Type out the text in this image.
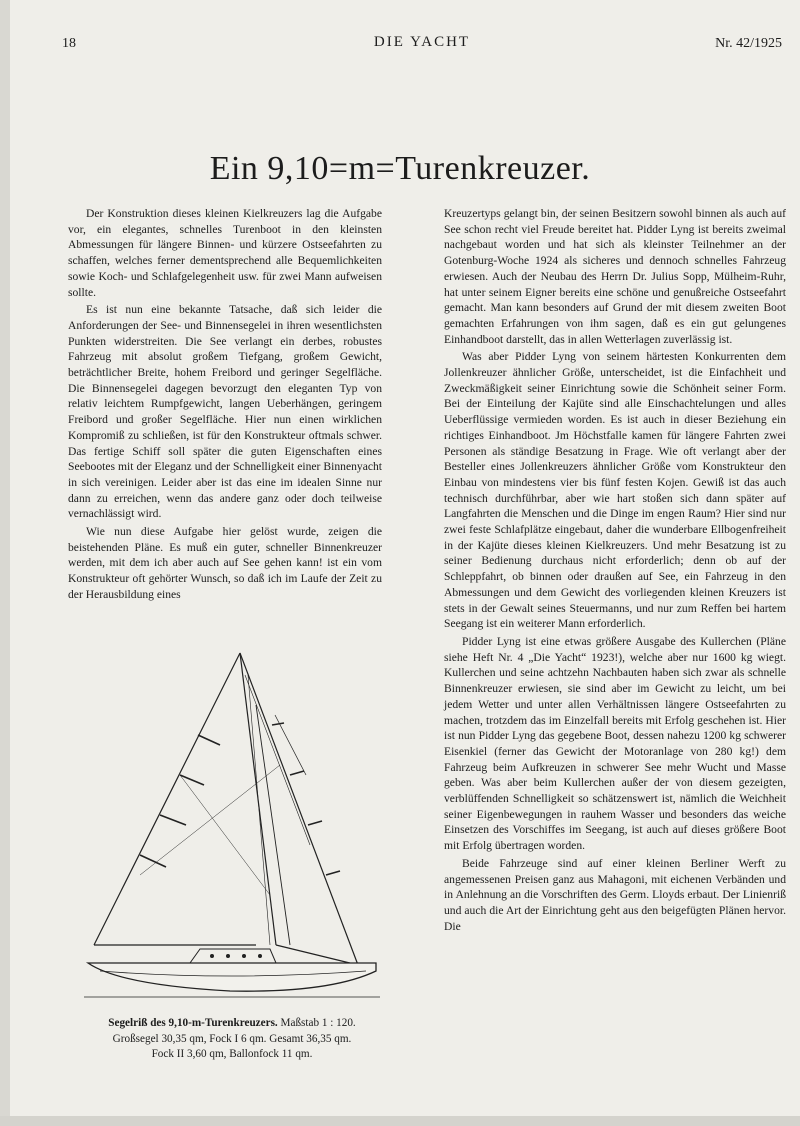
18	DIE YACHT	Nr. 42/1925
Ein 9,10=m=Turenkreuzer.

Der Konstruktion dieses kleinen Kielkreuzers lag die Aufgabe vor, ein elegantes, schnelles Turenboot in den kleinsten Abmessungen für längere Binnen- und kürzere Ostseefahrten zu schaffen, welches ferner dementsprechend alle Bequemlichkeiten sowie Koch- und Schlafgelegenheit usw. für zwei Mann aufweisen sollte.

Es ist nun eine bekannte Tatsache, daß sich leider die Anforderungen der See- und Binnensegelei in ihren wesentlichsten Punkten widerstreiten. Die See verlangt ein derbes, robustes Fahrzeug mit absolut großem Tiefgang, großem Gewicht, beträchtlicher Breite, hohem Freibord und geringer Segelfläche. Die Binnensegelei dagegen bevorzugt den eleganten Typ von relativ leichtem Rumpfgewicht, langen Ueberhängen, geringem Freibord und großer Segelfläche. Hier nun einen wirklichen Kompromiß zu schließen, ist für den Konstrukteur oftmals schwer. Das fertige Schiff soll später die guten Eigenschaften eines Seebootes mit der Eleganz und der Schnelligkeit einer Binnenyacht in sich vereinigen. Leider aber ist das eine im idealen Sinne nur dann zu erreichen, wenn das andere ganz oder doch teilweise vernachlässigt wird.

Wie nun diese Aufgabe hier gelöst wurde, zeigen die beistehenden Pläne. Es muß ein guter, schneller Binnenkreuzer werden, mit dem ich aber auch auf See gehen kann! ist ein vom Konstrukteur oft gehörter Wunsch, so daß ich im Laufe der Zeit zu der Herausbildung eines

Kreuzertyps gelangt bin, der seinen Besitzern sowohl binnen als auch auf See schon recht viel Freude bereitet hat. Pidder Lyng ist bereits zweimal nachgebaut worden und hat sich als kleinster Teilnehmer an der Gotenburg-Woche 1924 als sicheres und dennoch schnelles Fahrzeug erwiesen. Auch der Neubau des Herrn Dr. Julius Sopp, Mülheim-Ruhr, hat unter seinem Eigner bereits eine schöne und genußreiche Ostseefahrt gemacht. Man kann besonders auf Grund der mit diesem zweiten Boot gemachten Erfahrungen von ihm sagen, daß es ein gut gelungenes Einhandboot darstellt, das in allen Wetterlagen zuverlässig ist.

Was aber Pidder Lyng von seinem härtesten Konkurrenten dem Jollenkreuzer ähnlicher Größe, unterscheidet, ist die Einfachheit und Zweckmäßigkeit seiner Einrichtung sowie die Schönheit seiner Form. Bei der Einteilung der Kajüte sind alle Einschachtelungen und alles Ueberflüssige vermieden worden. Es ist auch in dieser Beziehung ein richtiges Einhandboot. Jm Höchstfalle kamen für längere Fahrten zwei Personen als ständige Besatzung in Frage. Wie oft verlangt aber der Besteller eines Jollenkreuzers ähnlicher Größe vom Konstrukteur den Einbau von mindestens vier bis fünf festen Kojen. Gewiß ist das auch technisch durchführbar, aber wie hart stoßen sich dann später auf Langfahrten die Menschen und die Dinge im engen Raum? Hier sind nur zwei feste Schlafplätze eingebaut, daher die wunderbare Ellbogenfreiheit in der Kajüte dieses kleinen Kielkreuzers. Und mehr Besatzung ist zu seiner Bedienung durchaus nicht erforderlich; denn ob auf der Schleppfahrt, ob binnen oder draußen auf See, ein Fahrzeug in den Abmessungen und dem Gewicht des vorliegenden kleinen Kreuzers ist stets in der Gewalt seines Steuermanns, und nur zum Reffen bei hartem Seegang ist ein weiterer Mann erforderlich.

Pidder Lyng ist eine etwas größere Ausgabe des Kullerchen (Pläne siehe Heft Nr. 4 „Die Yacht“ 1923!), welche aber nur 1600 kg wiegt. Kullerchen und seine achtzehn Nachbauten haben sich zwar als schnelle Binnenkreuzer erwiesen, sie sind aber im Gewicht zu leicht, um bei jedem Wetter und unter allen Verhältnissen längere Ostseefahrten zu machen, trotzdem das im Einzelfall bereits mit Erfolg geschehen ist. Hier ist nun Pidder Lyng das gegebene Boot, dessen nahezu 1200 kg schwerer Eisenkiel (ferner das Gewicht der Motoranlage von 280 kg!) dem Fahrzeug beim Aufkreuzen in schwerer See mehr Wucht und Masse geben. Was aber beim Kullerchen außer der von diesem gezeigten, verblüffenden Schnelligkeit so schätzenswert ist, nämlich die Weichheit seiner Eigenbewegungen in rauhem Wasser und besonders das weiche Einsetzen des Vorschiffes im Seegang, ist auch auf dieses größere Boot mit Erfolg übertragen worden.

Beide Fahrzeuge sind auf einer kleinen Berliner Werft zu angemessenen Preisen ganz aus Mahagoni, mit eichenen Verbänden und in Anlehnung an die Vorschriften des Germ. Lloyds erbaut. Der Linienriß und auch die Art der Einrichtung geht aus den beigefügten Plänen hervor. Die

Segelriß des 9,10-m-Turenkreuzers. Maßstab 1 : 120.
Großsegel 30,35 qm, Fock I 6 qm. Gesamt 36,35 qm.
Fock II 3,60 qm, Ballonfock 11 qm.
